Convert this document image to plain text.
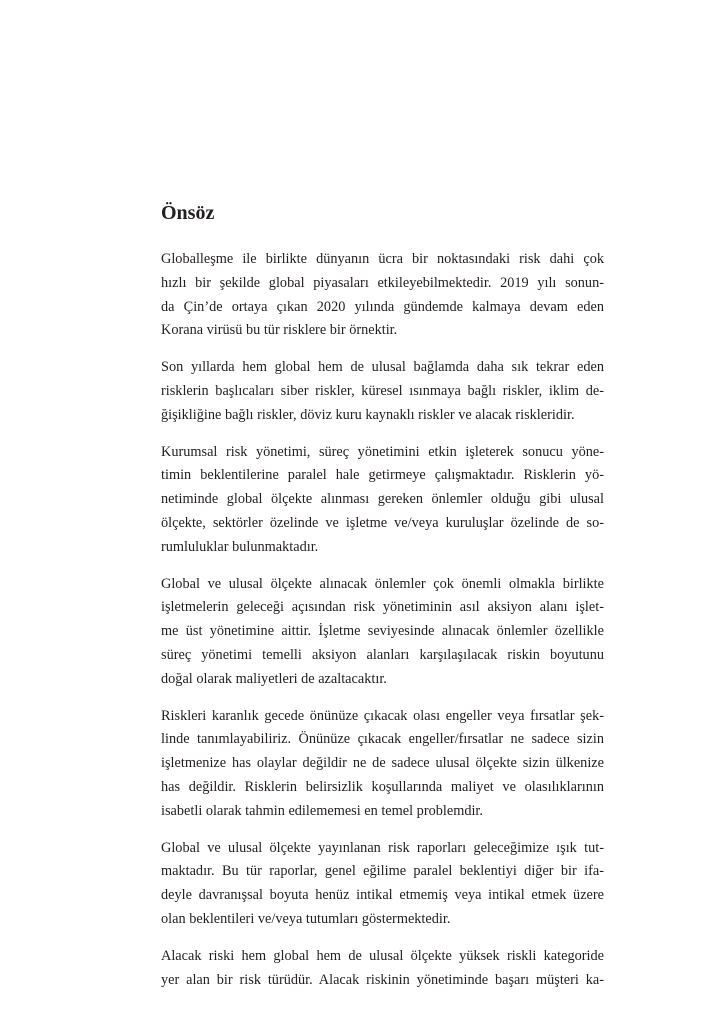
Önsöz

Globalleşme ile birlikte dünyanın ücra bir noktasındaki risk dahi çok
hızlı bir şekilde global piyasaları etkileyebilmektedir. 2019 yılı sonun-
da Çin’de ortaya çıkan 2020 yılında gündemde kalmaya devam eden
Korana virüsü bu tür risklere bir örnektir.

Son yıllarda hem global hem de ulusal bağlamda daha sık tekrar eden
risklerin başlıcaları siber riskler, küresel ısınmaya bağlı riskler, iklim de-
ğişikliğine bağlı riskler, döviz kuru kaynaklı riskler ve alacak riskleridir.

Kurumsal risk yönetimi, süreç yönetimini etkin işleterek sonucu yöne-
timin beklentilerine paralel hale getirmeye çalışmaktadır. Risklerin yö-
netiminde global ölçekte alınması gereken önlemler olduğu gibi ulusal
ölçekte, sektörler özelinde ve işletme ve/veya kuruluşlar özelinde de so-
rumluluklar bulunmaktadır.

Global ve ulusal ölçekte alınacak önlemler çok önemli olmakla birlikte
işletmelerin geleceği açısından risk yönetiminin asıl aksiyon alanı işlet-
me üst yönetimine aittir. İşletme seviyesinde alınacak önlemler özellikle
süreç yönetimi temelli aksiyon alanları karşılaşılacak riskin boyutunu
doğal olarak maliyetleri de azaltacaktır.

Riskleri karanlık gecede önünüze çıkacak olası engeller veya fırsatlar şek-
linde tanımlayabiliriz. Önünüze çıkacak engeller/fırsatlar ne sadece sizin
işletmenize has olaylar değildir ne de sadece ulusal ölçekte sizin ülkenize
has değildir. Risklerin belirsizlik koşullarında maliyet ve olasılıklarının
isabetli olarak tahmin edilememesi en temel problemdir.

Global ve ulusal ölçekte yayınlanan risk raporları geleceğimize ışık tut-
maktadır. Bu tür raporlar, genel eğilime paralel beklentiyi diğer bir ifa-
deyle davranışsal boyuta henüz intikal etmemiş veya intikal etmek üzere
olan beklentileri ve/veya tutumları göstermektedir.

Alacak riski hem global hem de ulusal ölçekte yüksek riskli kategoride
yer alan bir risk türüdür. Alacak riskinin yönetiminde başarı müşteri ka-
